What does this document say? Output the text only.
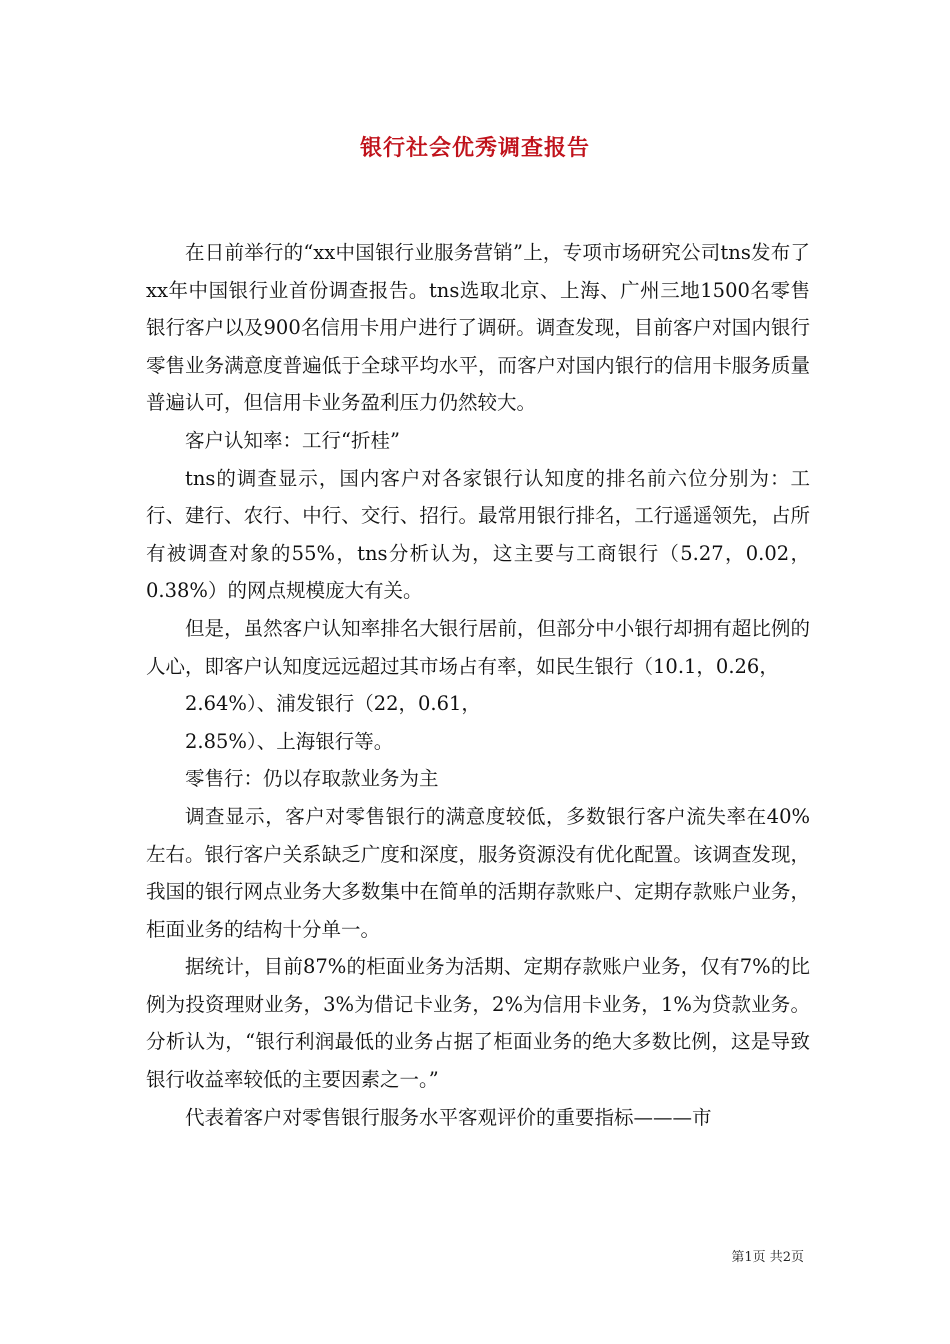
银行社会优秀调查报告

在日前举行的“xx中国银行业服务营销”上，专项市场研究公司tns发布了xx年中国银行业首份调查报告。tns选取北京、上海、广州三地1500名零售银行客户以及900名信用卡用户进行了调研。调查发现，目前客户对国内银行零售业务满意度普遍低于全球平均水平，而客户对国内银行的信用卡服务质量普遍认可，但信用卡业务盈利压力仍然较大。

客户认知率：工行“折桂”

tns的调查显示，国内客户对各家银行认知度的排名前六位分别为：工行、建行、农行、中行、交行、招行。最常用银行排名，工行遥遥领先，占所有被调查对象的55%，tns分析认为，这主要与工商银行（5.27，0.02，0.38%）的网点规模庞大有关。

但是，虽然客户认知率排名大银行居前，但部分中小银行却拥有超比例的人心，即客户认知度远远超过其市场占有率，如民生银行（10.1，0.26，

2.64%）、浦发银行（22，0.61，

2.85%）、上海银行等。

零售行：仍以存取款业务为主

调查显示，客户对零售银行的满意度较低，多数银行客户流失率在40%左右。银行客户关系缺乏广度和深度，服务资源没有优化配置。该调查发现，我国的银行网点业务大多数集中在简单的活期存款账户、定期存款账户业务，柜面业务的结构十分单一。

据统计，目前87%的柜面业务为活期、定期存款账户业务，仅有7%的比例为投资理财业务，3%为借记卡业务，2%为信用卡业务，1%为贷款业务。分析认为，“银行利润最低的业务占据了柜面业务的绝大多数比例，这是导致银行收益率较低的主要因素之一。”

代表着客户对零售银行服务水平客观评价的重要指标———市

第1页 共2页
